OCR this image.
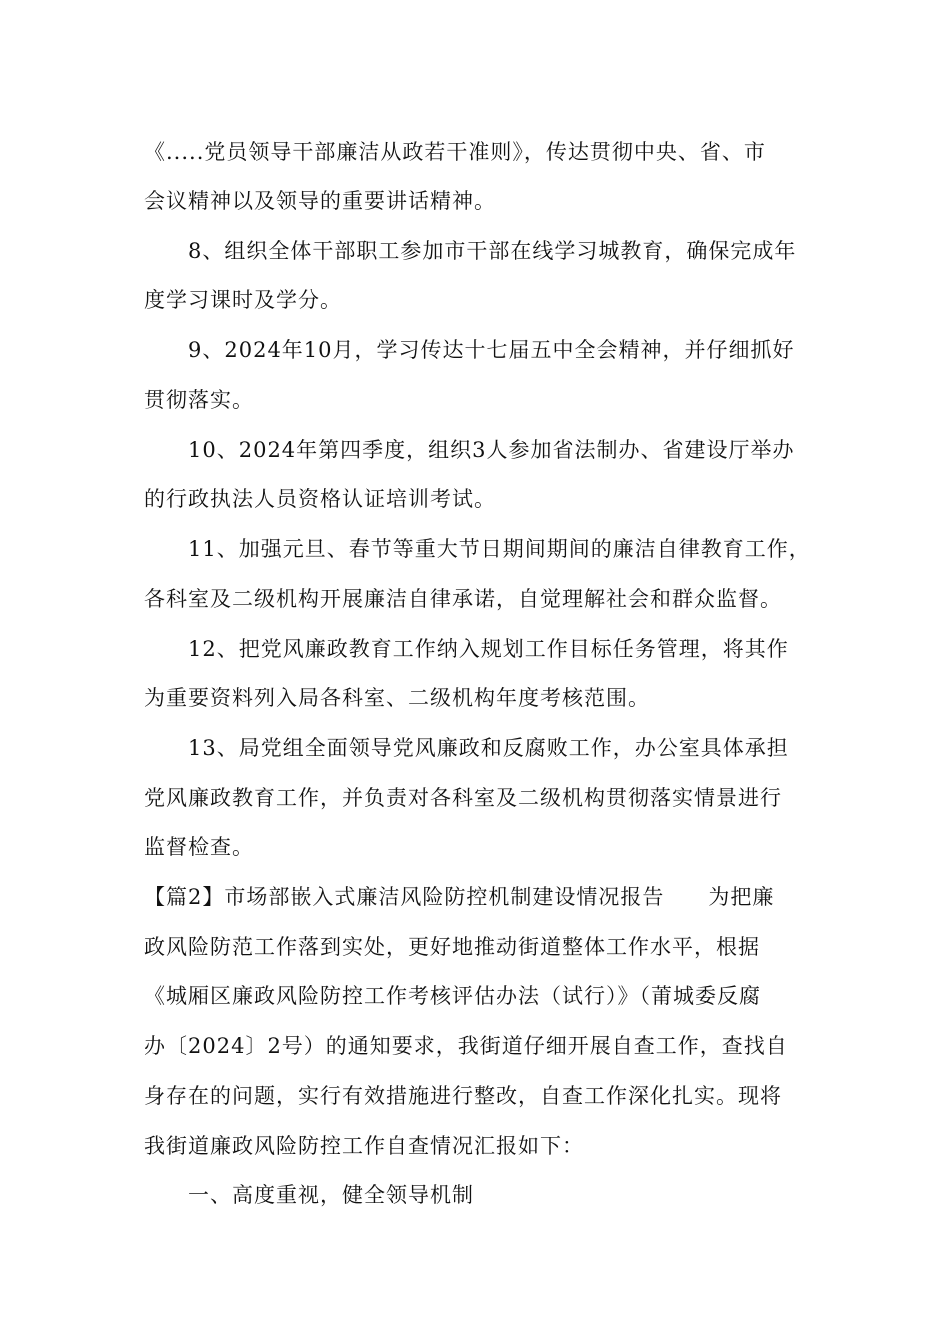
《.....党员领导干部廉洁从政若干准则》，传达贯彻中央、省、市
会议精神以及领导的重要讲话精神。
8、组织全体干部职工参加市干部在线学习城教育，确保完成年
度学习课时及学分。
9、2024年10月，学习传达十七届五中全会精神，并仔细抓好
贯彻落实。
10、2024年第四季度，组织3人参加省法制办、省建设厅举办
的行政执法人员资格认证培训考试。
11、加强元旦、春节等重大节日期间期间的廉洁自律教育工作，
各科室及二级机构开展廉洁自律承诺，自觉理解社会和群众监督。
12、把党风廉政教育工作纳入规划工作目标任务管理，将其作
为重要资料列入局各科室、二级机构年度考核范围。
13、局党组全面领导党风廉政和反腐败工作，办公室具体承担
党风廉政教育工作，并负责对各科室及二级机构贯彻落实情景进行
监督检查。
【篇2】市场部嵌入式廉洁风险防控机制建设情况报告　　为把廉
政风险防范工作落到实处，更好地推动街道整体工作水平，根据
《城厢区廉政风险防控工作考核评估办法（试行）》（莆城委反腐
办〔2024〕2号）的通知要求，我街道仔细开展自查工作，查找自
身存在的问题，实行有效措施进行整改，自查工作深化扎实。现将
我街道廉政风险防控工作自查情况汇报如下：
一、高度重视，健全领导机制
